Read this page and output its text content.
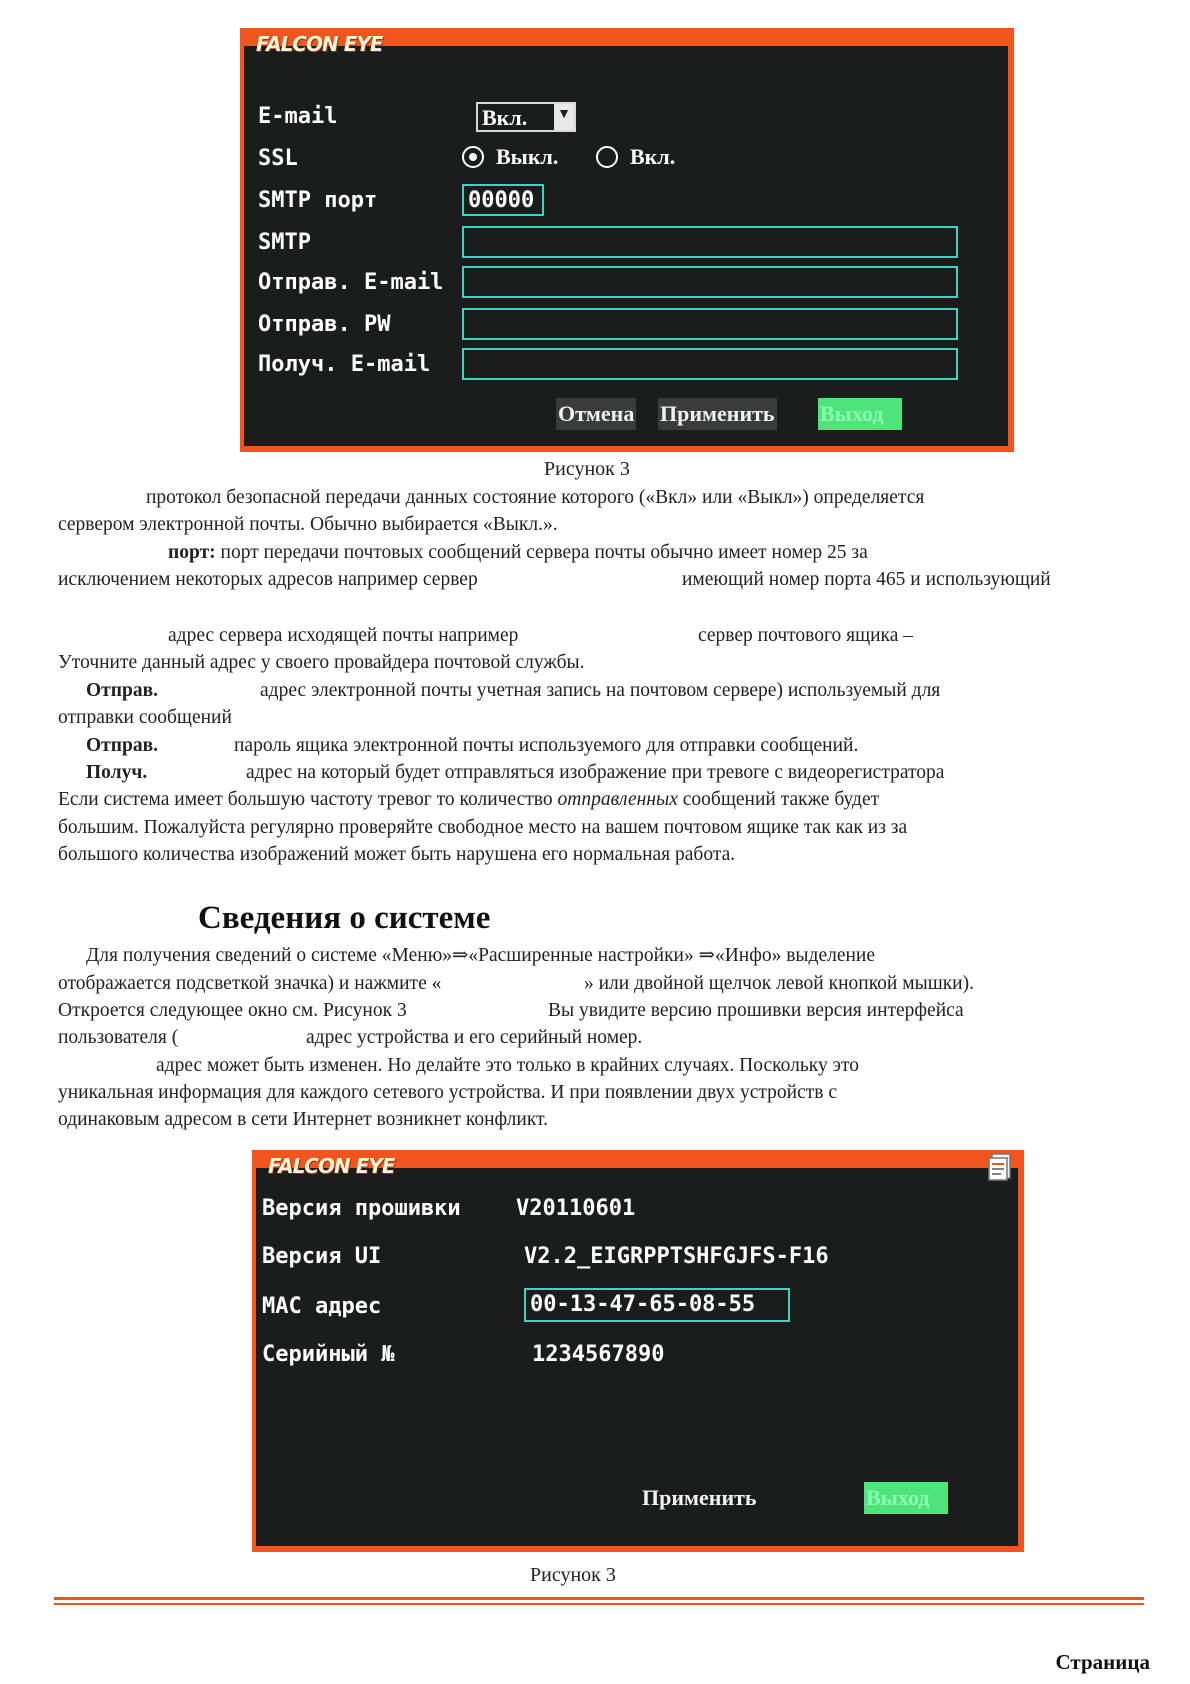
FALCON EYE
E-mail	Вкл. ▼
SSL	Выкл.	Вкл.
SMTP порт	00000
SMTP
Отправ. E-mail
Отправ. PW
Получ. E-mail
Отмена Применить Выход
Рисунок 3
протокол безопасной передачи данных состояние которого («Вкл» или «Выкл») определяется
сервером электронной почты. Обычно выбирается «Выкл.».
порт: порт передачи почтовых сообщений сервера почты обычно имеет номер 25 за
исключением некоторых адресов например сервер	имеющий номер порта 465 и использующий
адрес сервера исходящей почты например	сервер почтового ящика –
Уточните данный адрес у своего провайдера почтовой службы.
Отправ.	адрес электронной почты учетная запись на почтовом сервере) используемый для
отправки сообщений
Отправ.	пароль ящика электронной почты используемого для отправки сообщений.
Получ.	адрес на который будет отправляться изображение при тревоге с видеорегистратора
Если система имеет большую частоту тревог то количество отправленных сообщений также будет
большим. Пожалуйста регулярно проверяйте свободное место на вашем почтовом ящике так как из за
большого количества изображений может быть нарушена его нормальная работа.
Сведения о системе
Для получения сведений о системе «Меню»⇒«Расширенные настройки» ⇒«Инфо» выделение
отображается подсветкой значка) и нажмите «	» или двойной щелчок левой кнопкой мышки).
Откроется следующее окно см. Рисунок 3	Вы увидите версию прошивки версия интерфейса
пользователя (	адрес устройства и его серийный номер.
адрес может быть изменен. Но делайте это только в крайних случаях. Поскольку это
уникальная информация для каждого сетевого устройства. И при появлении двух устройств с
одинаковым адресом в сети Интернет возникнет конфликт.
FALCON EYE
Версия прошивки	V20110601
Версия UI	V2.2_EIGRPPTSHFGJFS-F16
MAC адрес	00-13-47-65-08-55
Серийный №	1234567890
Применить	Выход
Рисунок 3
Страница
